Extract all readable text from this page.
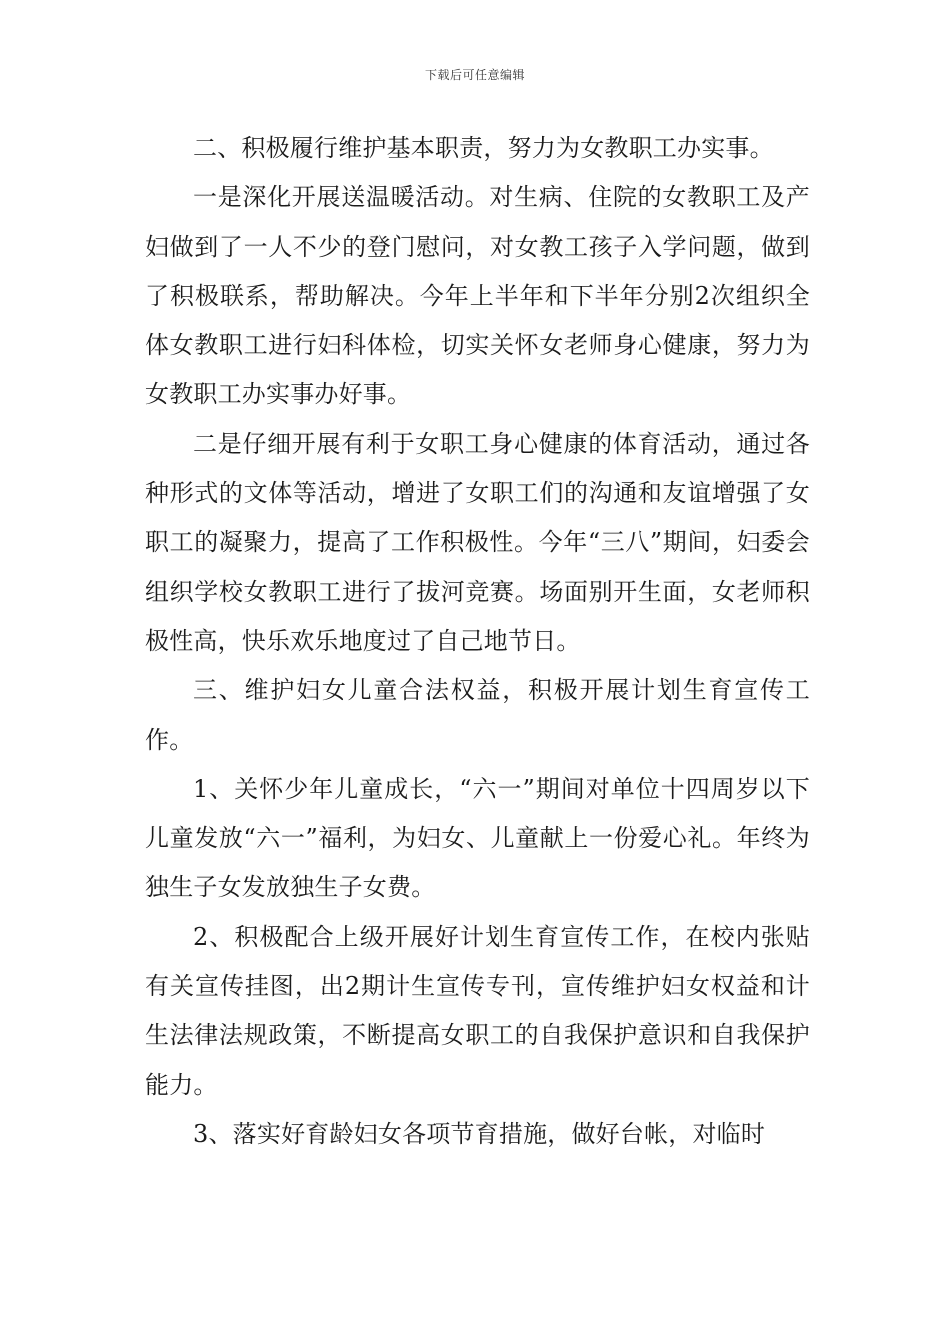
下载后可任意编辑

二、积极履行维护基本职责，努力为女教职工办实事。

一是深化开展送温暖活动。对生病、住院的女教职工及产妇做到了一人不少的登门慰问，对女教工孩子入学问题，做到了积极联系，帮助解决。今年上半年和下半年分别2次组织全体女教职工进行妇科体检，切实关怀女老师身心健康，努力为女教职工办实事办好事。

二是仔细开展有利于女职工身心健康的体育活动，通过各种形式的文体等活动，增进了女职工们的沟通和友谊增强了女职工的凝聚力，提高了工作积极性。今年“三八”期间，妇委会组织学校女教职工进行了拔河竞赛。场面别开生面，女老师积极性高，快乐欢乐地度过了自己地节日。

三、维护妇女儿童合法权益，积极开展计划生育宣传工作。

1、关怀少年儿童成长，“六一”期间对单位十四周岁以下儿童发放“六一”福利，为妇女、儿童献上一份爱心礼。年终为独生子女发放独生子女费。

2、积极配合上级开展好计划生育宣传工作，在校内张贴有关宣传挂图，出2期计生宣传专刊，宣传维护妇女权益和计生法律法规政策，不断提高女职工的自我保护意识和自我保护能力。

3、落实好育龄妇女各项节育措施，做好台帐，对临时
